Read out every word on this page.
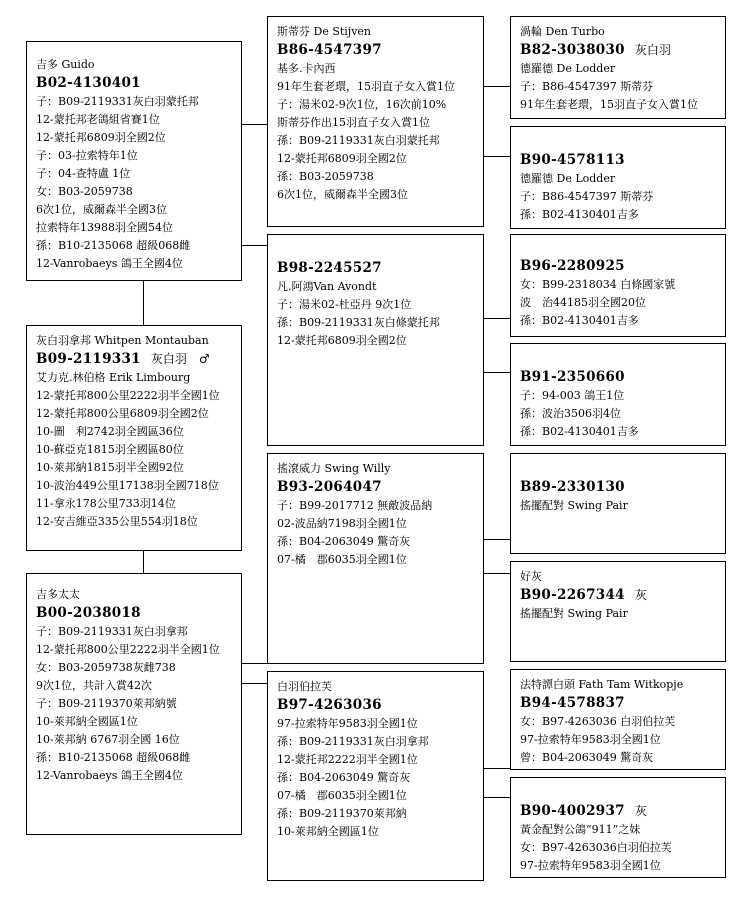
吉多 Guido
B02-4130401
子：B09-2119331灰白羽蒙托邦
12-蒙托邦老鴿組省賽1位
12-蒙托邦6809羽全國2位
子：03-拉索特年1位
子：04-查特盧 1位
女：B03-2059738
6次1位，威爾森半全國3位
拉索特年13988羽全國54位
孫：B10-2135068 超級068雌
12-Vanrobaeys 鴿王全國4位
灰白羽拿邦 Whitpen Montauban
B09-2119331 灰白羽　♂
艾力克.林伯格 Erik Limbourg
12-蒙托邦800公里2222羽半全國1位
12-蒙托邦800公里6809羽全國2位
10-圖　利2742羽全國區36位
10-蘇亞克1815羽全國區80位
10-萊邦納1815羽半全國92位
10-波治449公里17138羽全國718位
11-拿永178公里733羽14位
12-安吉維亞335公里554羽18位
吉多太太
B00-2038018
子：B09-2119331灰白羽拿邦
12-蒙托邦800公里2222羽半全國1位
女：B03-2059738灰雌738
9次1位，共計入賞42次
子：B09-2119370萊邦納號
10-萊邦納全國區1位
10-萊邦納 6767羽全國 16位
孫：B10-2135068 超級068雌
12-Vanrobaeys 鴿王全國4位
斯蒂芬 De Stijven
B86-4547397
基多.卡內西
91年生套老環，15羽直子女入賞1位
子：湯米02-9次1位，16次前10%
斯蒂芬作出15羽直子女入賞1位
孫：B09-2119331灰白羽蒙托邦
12-蒙托邦6809羽全國2位
孫：B03-2059738
6次1位，威爾森半全國3位
B98-2245527
凡.阿鴻Van Avondt
子：湯米02-杜亞丹 9次1位
孫：B09-2119331灰白條蒙托邦
12-蒙托邦6809羽全國2位
搖滾威力 Swing Willy
B93-2064047
子：B99-2017712 無敵波品納
02-波品納7198羽全國1位
孫：B04-2063049 驚奇灰
07-橘　郡6035羽全國1位
白羽伯拉芙
B97-4263036
97-拉索特年9583羽全國1位
孫：B09-2119331灰白羽拿邦
12-蒙托邦2222羽半全國1位
孫：B04-2063049 驚奇灰
07-橘　郡6035羽全國1位
孫：B09-2119370萊邦納
10-萊邦納全國區1位
渦輪 Den Turbo
B82-3038030 灰白羽
德羅德 De Lodder
子：B86-4547397 斯蒂芬
91年生套老環，15羽直子女入賞1位
B90-4578113
德羅德 De Lodder
子：B86-4547397 斯蒂芬
孫：B02-4130401吉多
B96-2280925
女：B99-2318034 白條國家號
波　治44185羽全國20位
孫：B02-4130401吉多
B91-2350660
子：94-003 鴿王1位
孫：波治3506羽4位
孫：B02-4130401吉多
B89-2330130
搖擺配對 Swing Pair
好灰
B90-2267344 灰
搖擺配對 Swing Pair
法特譚白頭 Fath Tam Witkopje
B94-4578837
女：B97-4263036 白羽伯拉芙
97-拉索特年9583羽全國1位
曾：B04-2063049 驚奇灰
B90-4002937 灰
黃金配對公鴿“911”之妹
女：B97-4263036白羽伯拉芙
97-拉索特年9583羽全國1位
